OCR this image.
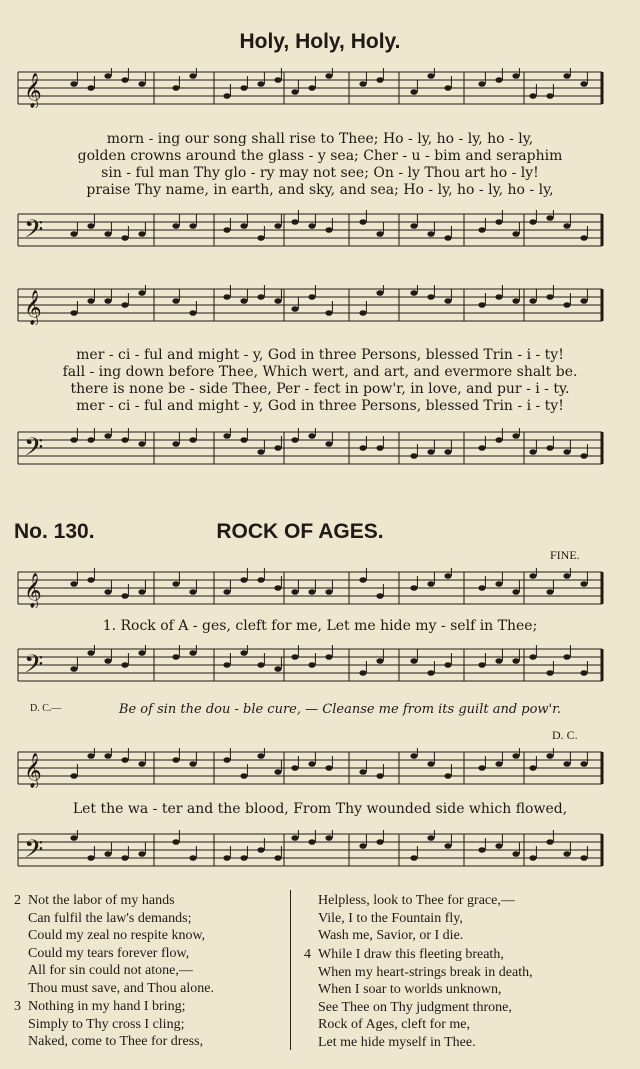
Holy, Holy, Holy.
𝄞
morn - ing our song shall rise to Thee; Ho - ly, ho - ly, ho - ly,
golden crowns around the glass - y sea; Cher - u - bim and seraphim
sin - ful man Thy glo - ry may not see; On - ly Thou art ho - ly!
praise Thy name, in earth, and sky, and sea; Ho - ly, ho - ly, ho - ly,
𝄢
𝄞
mer - ci - ful and might - y, God in three Persons, blessed Trin - i - ty!
fall - ing down before Thee, Which wert, and art, and evermore shalt be.
there is none be - side Thee, Per - fect in pow'r, in love, and pur - i - ty.
mer - ci - ful and might - y, God in three Persons, blessed Trin - i - ty!
𝄢
No. 130.	ROCK OF AGES.
FINE.
𝄞
1. Rock of A - ges, cleft for me, Let me hide my - self in Thee;
𝄢
D. C.—	Be of sin the dou - ble cure, — Cleanse me from its guilt and pow'r.
D. C.
𝄞
Let the wa - ter and the blood, From Thy wounded side which flowed,
𝄢
2 Not the labor of my hands
Can fulfil the law's demands;
Could my zeal no respite know,
Could my tears forever flow,
All for sin could not atone,—
Thou must save, and Thou alone.
3 Nothing in my hand I bring;
Simply to Thy cross I cling;
Naked, come to Thee for dress,
Helpless, look to Thee for grace,—
Vile, I to the Fountain fly,
Wash me, Savior, or I die.
4 While I draw this fleeting breath,
When my heart-strings break in death,
When I soar to worlds unknown,
See Thee on Thy judgment throne,
Rock of Ages, cleft for me,
Let me hide myself in Thee.
